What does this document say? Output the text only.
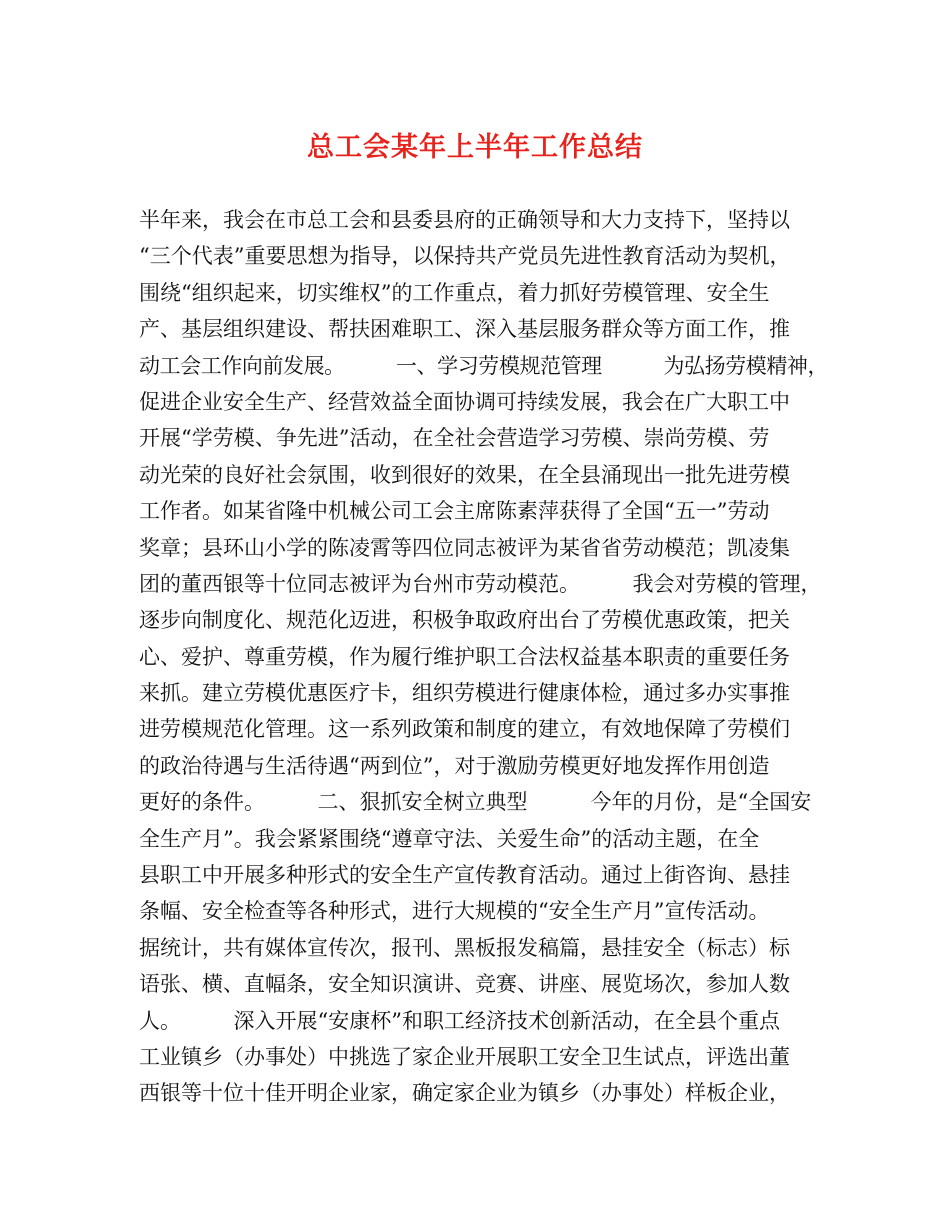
总工会某年上半年工作总结
半年来，我会在市总工会和县委县府的正确领导和大力支持下，坚持以
“三个代表”重要思想为指导，以保持共产党员先进性教育活动为契机，
围绕“组织起来，切实维权”的工作重点，着力抓好劳模管理、安全生
产、基层组织建设、帮扶困难职工、深入基层服务群众等方面工作，推
动工会工作向前发展。　　　一、学习劳模规范管理　　　为弘扬劳模精神，
促进企业安全生产、经营效益全面协调可持续发展，我会在广大职工中
开展“学劳模、争先进”活动，在全社会营造学习劳模、崇尚劳模、劳
动光荣的良好社会氛围，收到很好的效果，在全县涌现出一批先进劳模
工作者。如某省隆中机械公司工会主席陈素萍获得了全国“五一”劳动
奖章；县环山小学的陈凌霄等四位同志被评为某省省劳动模范；凯凌集
团的董西银等十位同志被评为台州市劳动模范。　　　我会对劳模的管理，
逐步向制度化、规范化迈进，积极争取政府出台了劳模优惠政策，把关
心、爱护、尊重劳模，作为履行维护职工合法权益基本职责的重要任务
来抓。建立劳模优惠医疗卡，组织劳模进行健康体检，通过多办实事推
进劳模规范化管理。这一系列政策和制度的建立，有效地保障了劳模们
的政治待遇与生活待遇“两到位”，对于激励劳模更好地发挥作用创造
更好的条件。　　　二、狠抓安全树立典型　　　今年的月份，是“全国安
全生产月”。我会紧紧围绕“遵章守法、关爱生命”的活动主题，在全
县职工中开展多种形式的安全生产宣传教育活动。通过上街咨询、悬挂
条幅、安全检查等各种形式，进行大规模的“安全生产月”宣传活动。
据统计，共有媒体宣传次，报刊、黑板报发稿篇，悬挂安全（标志）标
语张、横、直幅条，安全知识演讲、竞赛、讲座、展览场次，参加人数
人。　　　深入开展“安康杯”和职工经济技术创新活动，在全县个重点
工业镇乡（办事处）中挑选了家企业开展职工安全卫生试点，评选出董
西银等十位十佳开明企业家，确定家企业为镇乡（办事处）样板企业，
